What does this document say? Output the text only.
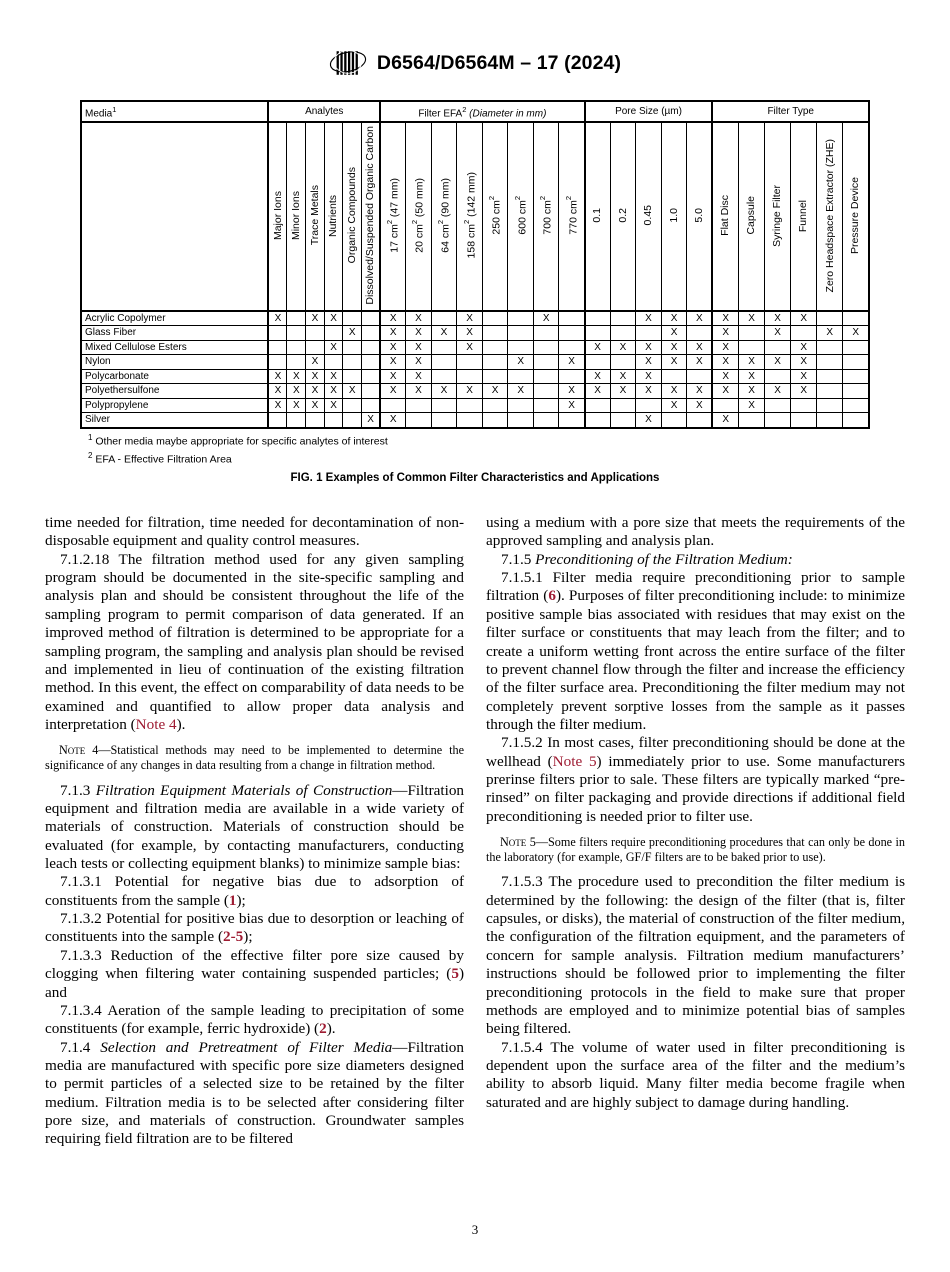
D6564/D6564M – 17 (2024)
Media$^1$	Analytes						Filter EFA$^2$ (Diameter in mm)								Pore Size (µm)					Filter Type					
	Major Ions	Minor Ions	Trace Metals	Nutrients	Organic Compounds	Dissolved/Suspended Organic Carbon	17 $cm^2$ (47 mm)	20 $cm^2$ (50 mm)	64 $cm^2$ (90 mm)	158 $cm^2$ (142 mm)	250 $cm^2$	600 $cm^2$	700 $cm^2$	770 $cm^2$	0.1	0.2	0.45	1.0	5.0	Flat Disc	Capsule	Syringe Filter	Funnel	Zero Headspace Extractor (ZHE)	Pressure Device
Acrylic Copolymer	X		X	X			X	X		X			X				X	X	X	X	X	X	X		
Glass Fiber					X		X	X	X	X								X		X		X		X	X
Mixed Cellulose Esters				X			X	X		X					X	X	X	X	X	X			X		
Nylon			X				X	X				X		X			X	X	X	X	X	X	X		
Polycarbonate	X	X	X	X			X	X							X	X	X			X	X		X		
Polyethersulfone	X	X	X	X	X		X	X	X	X	X	X		X	X	X	X	X	X	X	X	X	X		
Polypropylene	X	X	X	X										X				X	X		X				
Silver						X	X										X			X					
$^1$ Other media maybe appropriate for specific analytes of interest
$^2$ EFA - Effective Filtration Area
FIG. 1 Examples of Common Filter Characteristics and Applications

time needed for filtration, time needed for decontamination of non-disposable equipment and quality control measures.

7.1.2.18 The filtration method used for any given sampling program should be documented in the site-specific sampling and analysis plan and should be consistent throughout the life of the sampling program to permit comparison of data generated. If an improved method of filtration is determined to be appropriate for a sampling program, the sampling and analysis plan should be revised and implemented in lieu of continuation of the existing filtration method. In this event, the effect on comparability of data needs to be examined and quantified to allow proper data analysis and interpretation (Note 4).

Note 4—Statistical methods may need to be implemented to determine the significance of any changes in data resulting from a change in filtration method.

7.1.3 Filtration Equipment Materials of Construction—Filtration equipment and filtration media are available in a wide variety of materials of construction. Materials of construction should be evaluated (for example, by contacting manufacturers, conducting leach tests or collecting equipment blanks) to minimize sample bias:

7.1.3.1 Potential for negative bias due to adsorption of constituents from the sample (1);

7.1.3.2 Potential for positive bias due to desorption or leaching of constituents into the sample (2-5);

7.1.3.3 Reduction of the effective filter pore size caused by clogging when filtering water containing suspended particles; (5) and

7.1.3.4 Aeration of the sample leading to precipitation of some constituents (for example, ferric hydroxide) (2).

7.1.4 Selection and Pretreatment of Filter Media—Filtration media are manufactured with specific pore size diameters designed to permit particles of a selected size to be retained by the filter medium. Filtration media is to be selected after considering filter pore size, and materials of construction. Groundwater samples requiring field filtration are to be filtered

using a medium with a pore size that meets the requirements of the approved sampling and analysis plan.

7.1.5 Preconditioning of the Filtration Medium:

7.1.5.1 Filter media require preconditioning prior to sample filtration (6). Purposes of filter preconditioning include: to minimize positive sample bias associated with residues that may exist on the filter surface or constituents that may leach from the filter; and to create a uniform wetting front across the entire surface of the filter to prevent channel flow through the filter and increase the efficiency of the filter surface area. Preconditioning the filter medium may not completely prevent sorptive losses from the sample as it passes through the filter medium.

7.1.5.2 In most cases, filter preconditioning should be done at the wellhead (Note 5) immediately prior to use. Some manufacturers prerinse filters prior to sale. These filters are typically marked “pre-rinsed” on filter packaging and provide directions if additional field preconditioning is needed prior to filter use.

Note 5—Some filters require preconditioning procedures that can only be done in the laboratory (for example, GF/F filters are to be baked prior to use).

7.1.5.3 The procedure used to precondition the filter medium is determined by the following: the design of the filter (that is, filter capsules, or disks), the material of construction of the filter medium, the configuration of the filtration equipment, and the parameters of concern for sample analysis. Filtration medium manufacturers’ instructions should be followed prior to implementing the filter preconditioning protocols in the field to make sure that proper methods are employed and to minimize potential bias of samples being filtered.

7.1.5.4 The volume of water used in filter preconditioning is dependent upon the surface area of the filter and the medium’s ability to absorb liquid. Many filter media become fragile when saturated and are highly subject to damage during handling.

3
